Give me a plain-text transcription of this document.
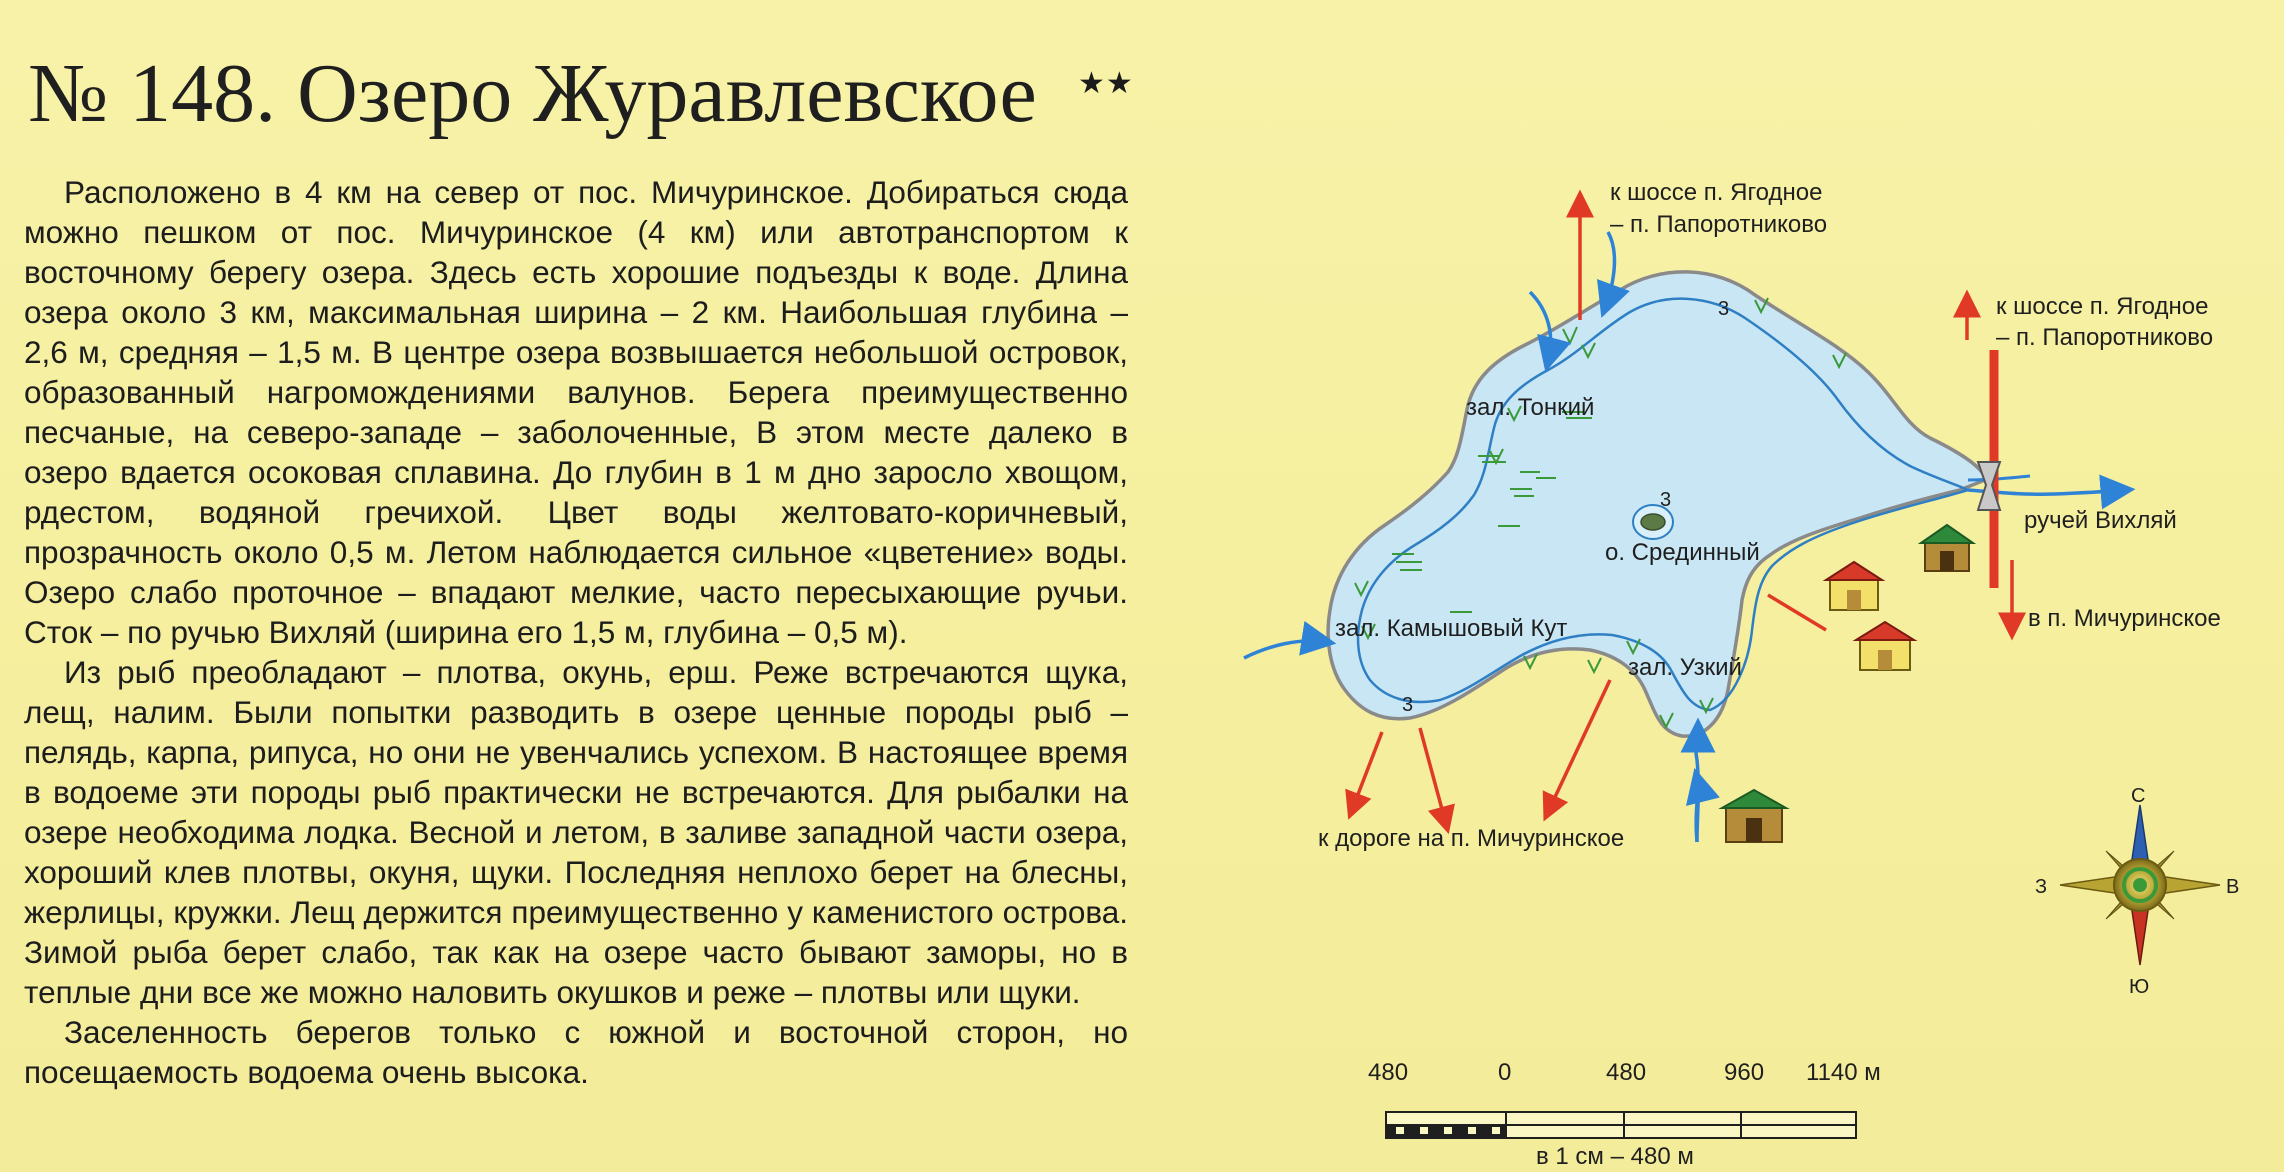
№ 148. Озеро Журавлевское ★★

Расположено в 4 км на север от пос. Мичуринское. Добираться сюда можно пешком от пос. Мичуринское (4 км) или автотранспортом к восточному берегу озера. Здесь есть хорошие подъезды к воде. Длина озера около 3 км, максимальная ширина – 2 км. Наибольшая глубина – 2,6 м, средняя – 1,5 м. В центре озера возвышается небольшой островок, образованный нагромождениями валунов. Берега преимущественно песчаные, на северо-западе – заболоченные, В этом месте далеко в озеро вдается осоковая сплавина. До глубин в 1 м дно заросло хвощом, рдестом, водяной гречихой. Цвет воды желтовато-коричневый, прозрачность около 0,5 м. Летом наблюдается сильное «цветение» воды. Озеро слабо проточное – впадают мелкие, часто пересыхающие ручьи. Сток – по ручью Вихляй (ширина его 1,5 м, глубина – 0,5 м).

Из рыб преобладают – плотва, окунь, ерш. Реже встречаются щука, лещ, налим. Были попытки разводить в озере ценные породы рыб – пелядь, карпа, рипуса, но они не увенчались успехом. В настоящее время в водоеме эти породы рыб практически не встречаются. Для рыбалки на озере необходима лодка. Весной и летом, в заливе западной части озера, хороший клев плотвы, окуня, щуки. Последняя неплохо берет на блесны, жерлицы, кружки. Лещ держится преимущественно у каменистого острова. Зимой рыба берет слабо, так как на озере часто бывают заморы, но в теплые дни все же можно наловить окушков и реже – плотвы или щуки.

Заселенность берегов только с южной и восточной сторон, но посещаемость водоема очень высока.

3
3
3
к шоссе п. Ягодное
– п. Папоротниково
к шоссе п. Ягодное
– п. Папоротниково
зал. Тонкий
о. Срединный
зал. Камышовый Кут
зал. Узкий
ручей Вихляй
в п. Мичуринское
к дороге на п. Мичуринское
С
Ю
З	В
480	0	480	960 1140 м
в 1 см – 480 м
